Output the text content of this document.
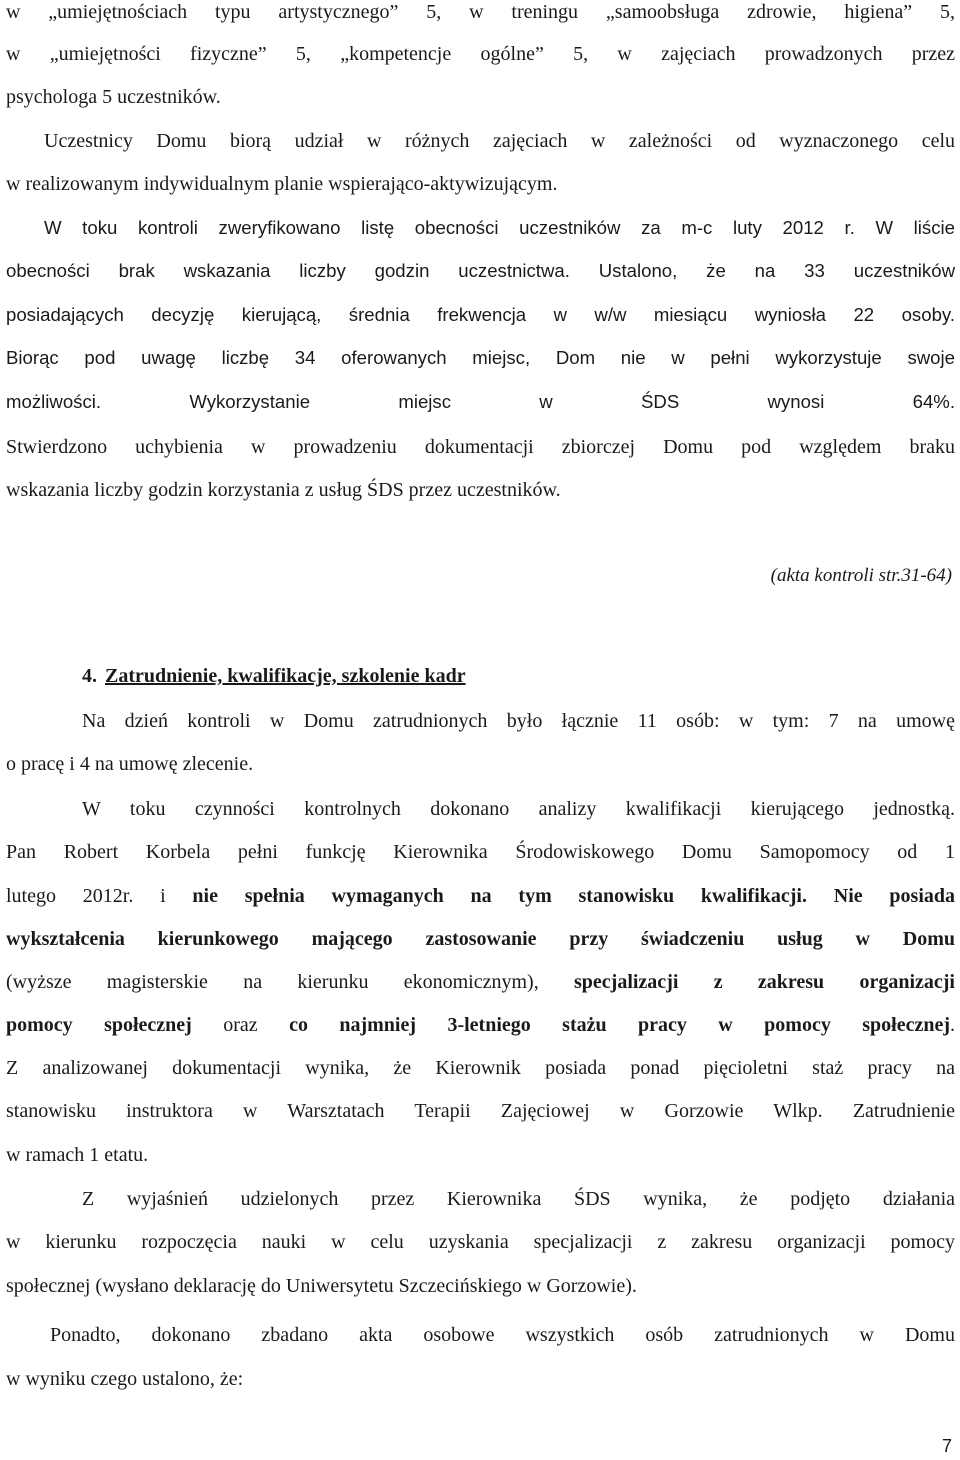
w „umiejętnościach typu artystycznego” 5, w treningu „samoobsługa zdrowie, higiena” 5,
w „umiejętności fizyczne” 5, „kompetencje ogólne” 5, w zajęciach prowadzonych przez
psychologa 5 uczestników.
Uczestnicy Domu biorą udział w różnych zajęciach w zależności od wyznaczonego celu
w realizowanym indywidualnym planie wspierająco-aktywizującym.
W toku kontroli zweryfikowano listę obecności uczestników za m-c luty 2012 r. W liście
obecności brak wskazania liczby godzin uczestnictwa. Ustalono, że na 33 uczestników
posiadających decyzję kierującą, średnia frekwencja w w/w miesiącu wyniosła 22 osoby.
Biorąc pod uwagę liczbę 34 oferowanych miejsc, Dom nie w pełni wykorzystuje swoje
możliwości. Wykorzystanie miejsc w ŚDS wynosi 64%.
Stwierdzono uchybienia w prowadzeniu dokumentacji zbiorczej Domu pod względem braku
wskazania liczby godzin korzystania z usług ŚDS przez uczestników.
(akta kontroli str.31-64)
4. Zatrudnienie, kwalifikacje, szkolenie kadr
Na dzień kontroli w Domu zatrudnionych było łącznie 11 osób: w tym: 7 na umowę
o pracę i 4 na umowę zlecenie.
W toku czynności kontrolnych dokonano analizy kwalifikacji kierującego jednostką.
Pan Robert Korbela pełni funkcję Kierownika Środowiskowego Domu Samopomocy od 1
lutego 2012r. i nie spełnia wymaganych na tym stanowisku kwalifikacji. Nie posiada
wykształcenia kierunkowego mającego zastosowanie przy świadczeniu usług w Domu
(wyższe magisterskie na kierunku ekonomicznym), specjalizacji z zakresu organizacji
pomocy społecznej oraz co najmniej 3-letniego stażu pracy w pomocy społecznej.
Z analizowanej dokumentacji wynika, że Kierownik posiada ponad pięcioletni staż pracy na
stanowisku instruktora w Warsztatach Terapii Zajęciowej w Gorzowie Wlkp. Zatrudnienie
w ramach 1 etatu.
Z wyjaśnień udzielonych przez Kierownika ŚDS wynika, że podjęto działania
w kierunku rozpoczęcia nauki w celu uzyskania specjalizacji z zakresu organizacji pomocy
społecznej (wysłano deklarację do Uniwersytetu Szczecińskiego w Gorzowie).
Ponadto, dokonano zbadano akta osobowe wszystkich osób zatrudnionych w Domu
w wyniku czego ustalono, że:
7
